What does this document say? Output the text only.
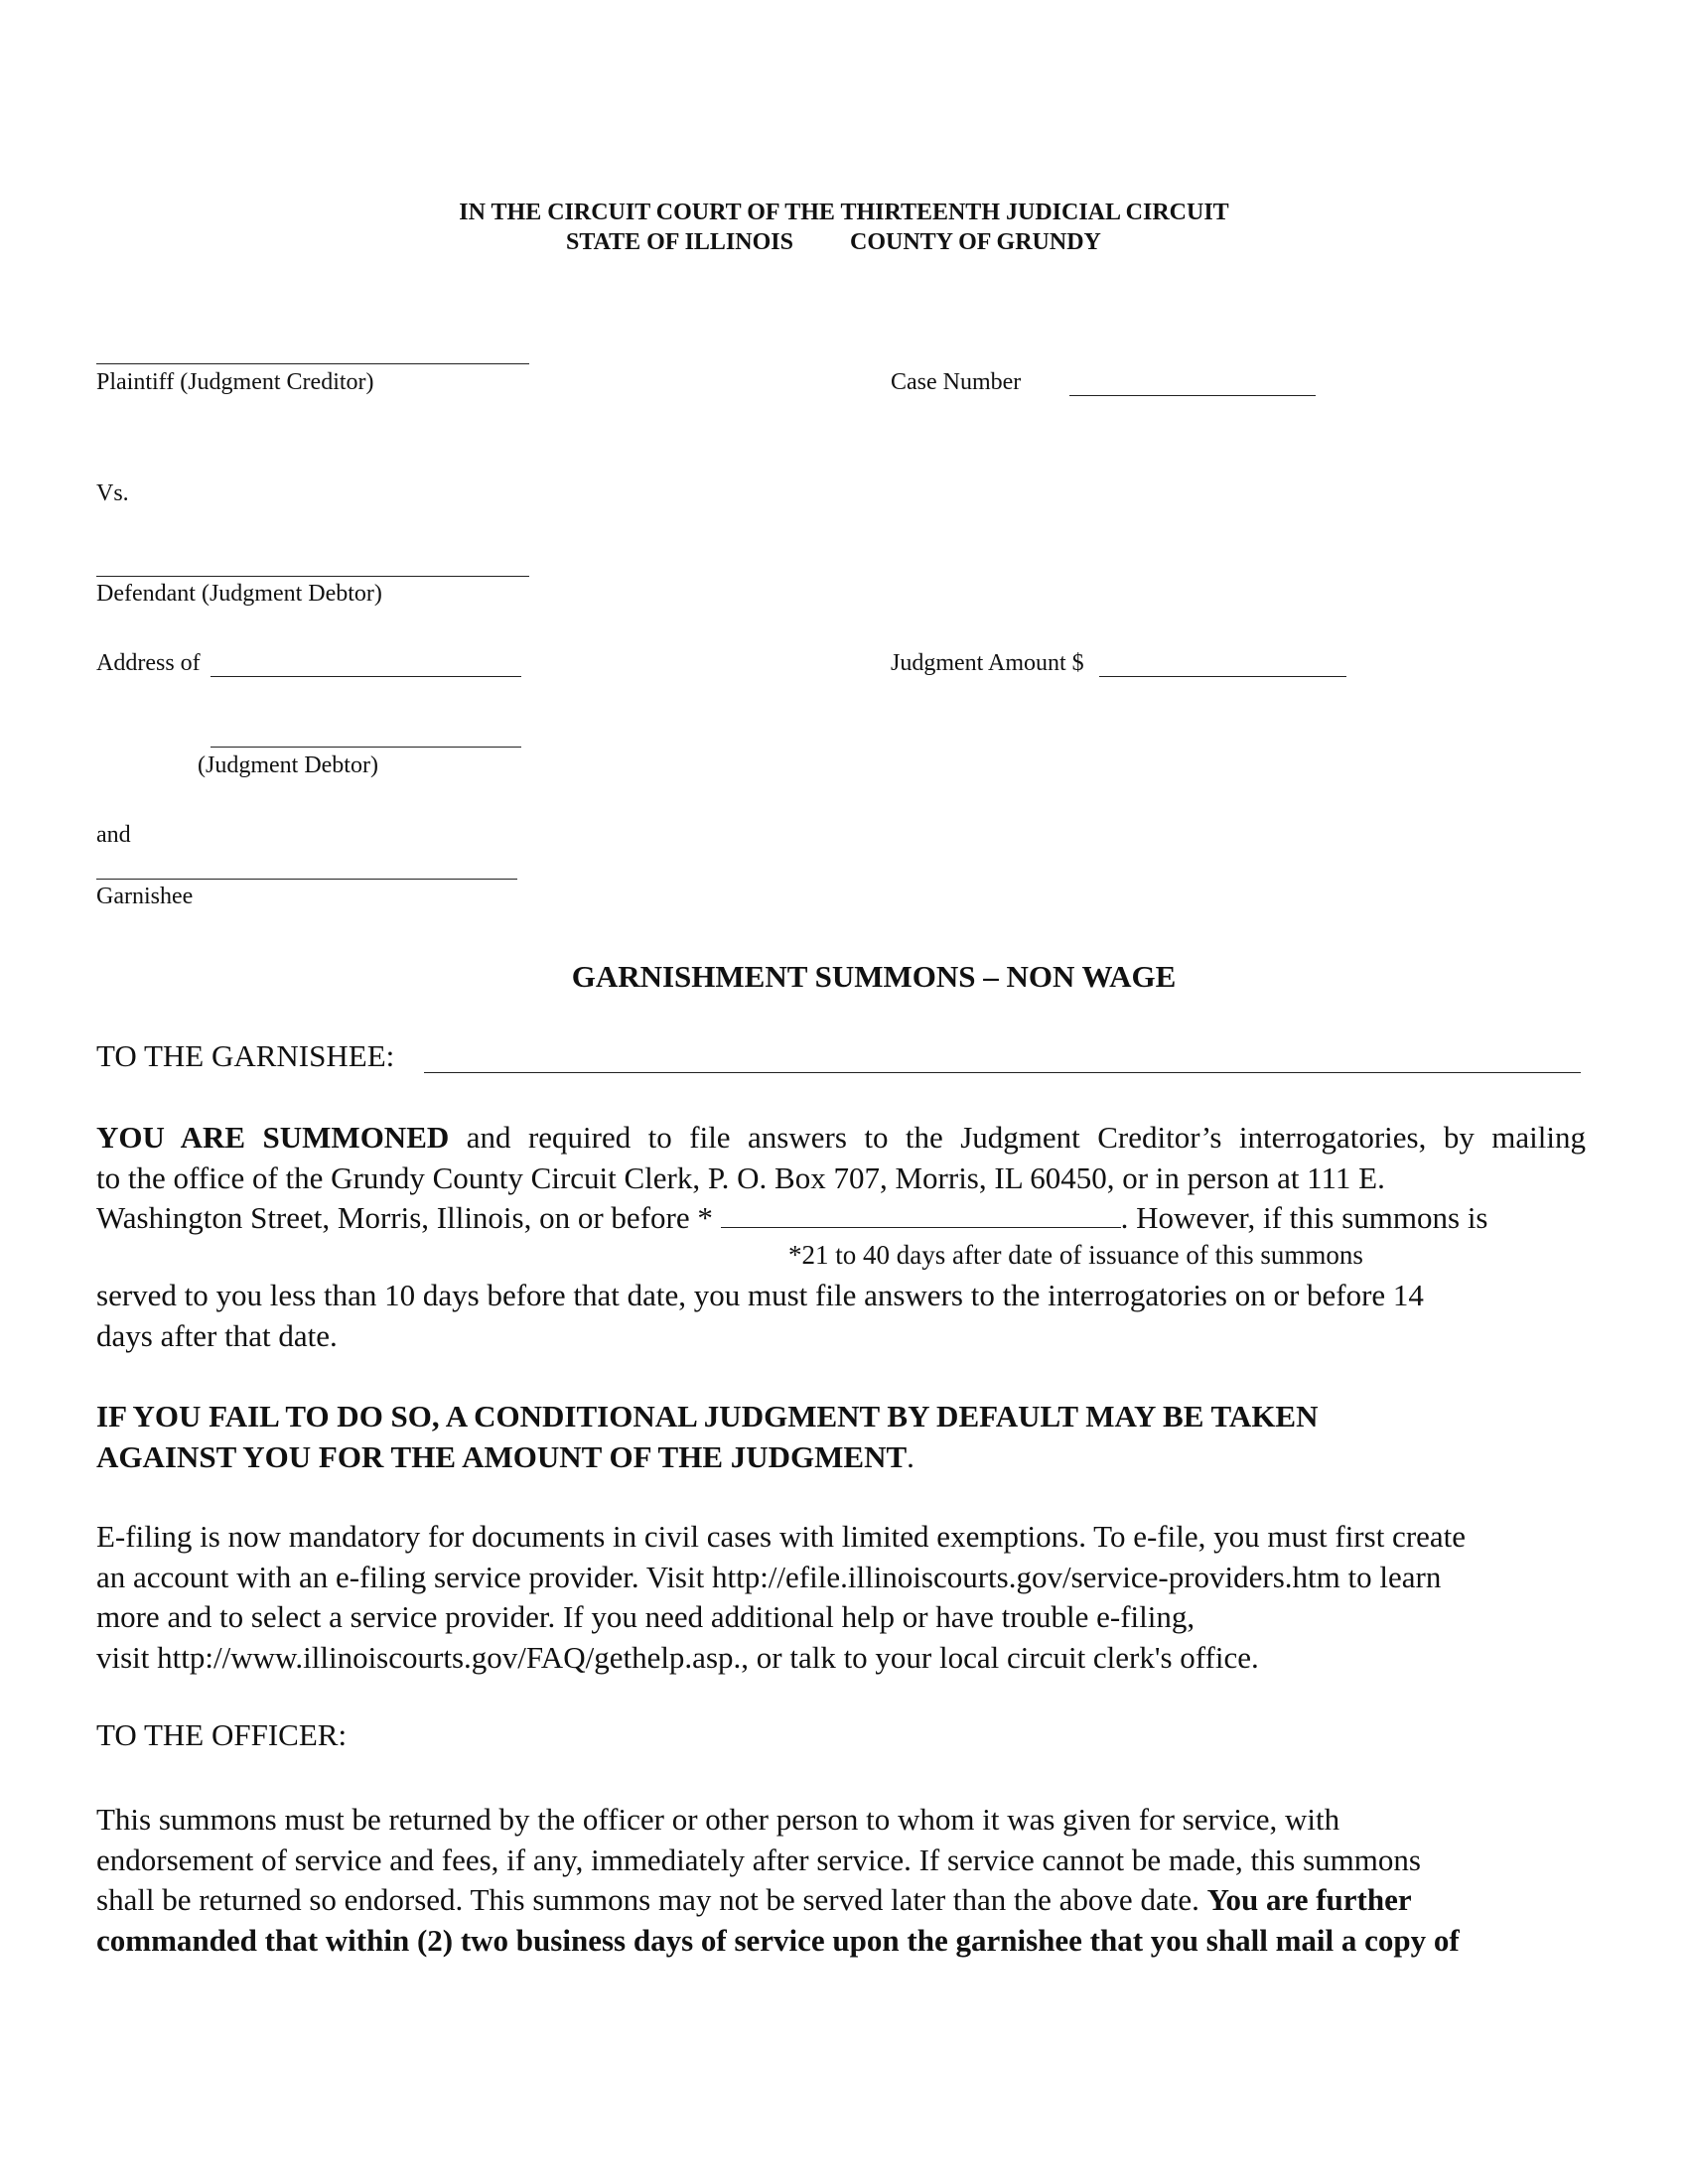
IN THE CIRCUIT COURT OF THE THIRTEENTH JUDICIAL CIRCUIT
STATE OF ILLINOIS COUNTY OF GRUNDY
Plaintiff (Judgment Creditor)	Case Number
Vs.
Defendant (Judgment Debtor)
Address of	Judgment Amount $
(Judgment Debtor)
and
Garnishee
GARNISHMENT SUMMONS – NON WAGE
TO THE GARNISHEE:
YOU ARE SUMMONED and required to file answers to the Judgment Creditor’s interrogatories, by mailing
to the office of the Grundy County Circuit Clerk, P. O. Box 707, Morris, IL 60450, or in person at 111 E.
Washington Street, Morris, Illinois, on or before *	. However, if this summons is
*21 to 40 days after date of issuance of this summons
served to you less than 10 days before that date, you must file answers to the interrogatories on or before 14
days after that date.
IF YOU FAIL TO DO SO, A CONDITIONAL JUDGMENT BY DEFAULT MAY BE TAKEN
AGAINST YOU FOR THE AMOUNT OF THE JUDGMENT.
E-filing is now mandatory for documents in civil cases with limited exemptions. To e-file, you must first create
an account with an e-filing service provider. Visit http://efile.illinoiscourts.gov/service-providers.htm to learn
more and to select a service provider. If you need additional help or have trouble e-filing,
visit http://www.illinoiscourts.gov/FAQ/gethelp.asp., or talk to your local circuit clerk's office.
TO THE OFFICER:
This summons must be returned by the officer or other person to whom it was given for service, with
endorsement of service and fees, if any, immediately after service. If service cannot be made, this summons
shall be returned so endorsed. This summons may not be served later than the above date. You are further
commanded that within (2) two business days of service upon the garnishee that you shall mail a copy of
